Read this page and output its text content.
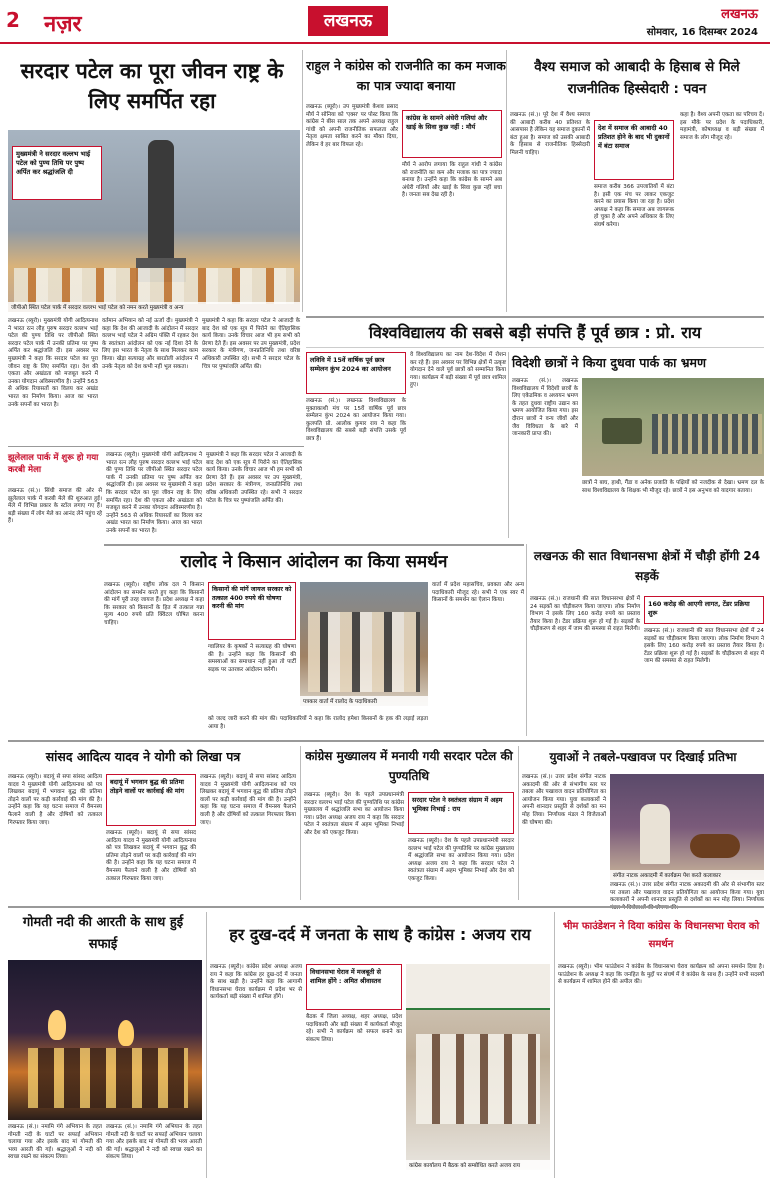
2 नज़र	लखनऊ	लखनऊ
सोमवार, 16 दिसम्बर 2024
सरदार पटेल का पूरा जीवन राष्ट्र के लिए समर्पित रहा
जीपीओ स्थित पटेल पार्क में सरदार वल्लभ भाई पटेल को नमन करते मुख्यमंत्री व अन्य
मुख्यमंत्री ने सरदार वल्लभ भाई पटेल को पुण्य तिथि पर पुष्प अर्पित कर श्रद्धांजलि दी
लखनऊ (ब्यूरो)। मुख्यमंत्री योगी आदित्यनाथ ने भारत रत्न लौह पुरुष सरदार वल्लभ भाई पटेल की पुण्य तिथि पर जीपीओ स्थित सरदार पटेल पार्क में उनकी प्रतिमा पर पुष्प अर्पित कर श्रद्धांजलि दी। इस अवसर पर मुख्यमंत्री ने कहा कि सरदार पटेल का पूरा जीवन राष्ट्र के लिए समर्पित रहा। देश की एकता और अखंडता को मजबूत करने में उनका योगदान अविस्मरणीय है। उन्होंने 563 से अधिक रियासतों का विलय कर अखंड भारत का निर्माण किया। आज का भारत उनके सपनों का भारत है।
वर्तमान अभियान को नई ऊर्जा दी। मुख्यमंत्री ने कहा कि देश की आजादी के आंदोलन में सरदार वल्लभ भाई पटेल ने अग्रिम पंक्ति में रहकर देश के स्वतंत्रता आंदोलन को एक नई दिशा देने के लिए इस भारत के नेतृत्व के साथ मिलकर काम किया। खेड़ा सत्याग्रह और बारडोली आंदोलन में उनके नेतृत्व को देश कभी नहीं भूल सकता।
मुख्यमंत्री ने कहा कि सरदार पटेल ने आजादी के बाद देश को एक सूत्र में पिरोने का ऐतिहासिक कार्य किया। उनके विचार आज भी हम सभी को प्रेरणा देते हैं। इस अवसर पर उप मुख्यमंत्री, प्रदेश सरकार के मंत्रीगण, जनप्रतिनिधि तथा वरिष्ठ अधिकारी उपस्थित रहे। सभी ने सरदार पटेल के चित्र पर पुष्पांजलि अर्पित की।
राहुल ने कांग्रेस को राजनीति का कम मजाक का पात्र ज्यादा बनाया
कांग्रेस के सामने अंधेरी गलियां और खाई के सिवा कुछ नहीं : मौर्य
लखनऊ (ब्यूरो)। उप मुख्यमंत्री केशव प्रसाद मौर्य ने सोनिया को 'एक्स' पर पोस्ट किया कि कांग्रेस ने बीस साल तक अपने अध्यक्ष राहुल गांधी को अपनी राजनीतिक सफलता और नेतृत्व क्षमता साबित करने का मौका दिया, लेकिन वे हर बार विफल रहे।
मौर्य ने आरोप लगाया कि राहुल गांधी ने कांग्रेस को राजनीति का कम और मजाक का पात्र ज्यादा बनाया है। उन्होंने कहा कि कांग्रेस के सामने अब अंधेरी गलियों और खाई के सिवा कुछ नहीं बचा है। जनता सब देख रही है।
वैश्य समाज को आबादी के हिसाब से मिले राजनीतिक हिस्सेदारी : पवन
लखनऊ (सं.)। पूरे देश में वैश्य समाज की आबादी करीब 40 प्रतिशत के आसपास है लेकिन यह समाज दुकानों में बंटा हुआ है। समाज को उसकी आबादी के हिसाब से राजनीतिक हिस्सेदारी मिलनी चाहिए।
देश में समाज की आबादी 40 प्रतिशत होने के बाद भी दुकानों में बंटा समाज
समाज करीब 366 उपजातियों में बंटा है। इसी एक मंच पर लाकर एकजुट करने का प्रयास किया जा रहा है। प्रदेश अध्यक्ष ने कहा कि समाज अब जागरूक हो चुका है और अपने अधिकार के लिए संघर्ष करेगा।
कहा है। वैश्य अपनी एकता का परिचय दें। इस मौके पर प्रदेश के पदाधिकारी, महामंत्री, कोषाध्यक्ष व बड़ी संख्या में समाज के लोग मौजूद रहे।
विश्वविद्यालय की सबसे बड़ी संपत्ति हैं पूर्व छात्र : प्रो. राय
लविवि में 15वें वार्षिक पूर्व छात्र सम्मेलन कुंभ 2024 का आयोजन
लखनऊ (सं.)। लखनऊ विश्वविद्यालय के मुक्ताकाशी मंच पर 15वें वार्षिक पूर्व छात्र सम्मेलन कुंभ 2024 का आयोजन किया गया। कुलपति प्रो. आलोक कुमार राय ने कहा कि विश्वविद्यालय की सबसे बड़ी संपत्ति उसके पूर्व छात्र हैं।
वे विश्वविद्यालय का नाम देश-विदेश में रोशन कर रहे हैं। इस अवसर पर विभिन्न क्षेत्रों में उत्कृष्ट योगदान देने वाले पूर्व छात्रों को सम्मानित किया गया। कार्यक्रम में बड़ी संख्या में पूर्व छात्र शामिल हुए।
विदेशी छात्रों ने किया दुधवा पार्क का भ्रमण
लखनऊ (सं.)। लखनऊ विश्वविद्यालय में विदेशी छात्रों के लिए एकेडमिक व अध्ययन भ्रमण के तहत दुधवा राष्ट्रीय उद्यान का भ्रमण आयोजित किया गया। इस दौरान छात्रों ने वन्य जीवों और जैव विविधता के बारे में जानकारी प्राप्त की।
छात्रों ने बाघ, हाथी, गैंडा व अनेक प्रजाति के पक्षियों को नजदीक से देखा। भ्रमण दल के साथ विश्वविद्यालय के शिक्षक भी मौजूद रहे। छात्रों ने इस अनुभव को यादगार बताया।
झूलेलाल पार्क में शुरू हो गया करबी मेला
लखनऊ (सं.)। सिंधी समाज की ओर से झूलेलाल पार्क में करबी मेले की शुरुआत हुई। मेले में विभिन्न प्रकार के स्टॉल लगाए गए हैं। बड़ी संख्या में लोग मेले का आनंद लेने पहुंच रहे हैं।
लखनऊ (ब्यूरो)। मुख्यमंत्री योगी आदित्यनाथ ने भारत रत्न लौह पुरुष सरदार वल्लभ भाई पटेल की पुण्य तिथि पर जीपीओ स्थित सरदार पटेल पार्क में उनकी प्रतिमा पर पुष्प अर्पित कर श्रद्धांजलि दी। इस अवसर पर मुख्यमंत्री ने कहा कि सरदार पटेल का पूरा जीवन राष्ट्र के लिए समर्पित रहा। देश की एकता और अखंडता को मजबूत करने में उनका योगदान अविस्मरणीय है। उन्होंने 563 से अधिक रियासतों का विलय कर अखंड भारत का निर्माण किया। आज का भारत उनके सपनों का भारत है।
मुख्यमंत्री ने कहा कि सरदार पटेल ने आजादी के बाद देश को एक सूत्र में पिरोने का ऐतिहासिक कार्य किया। उनके विचार आज भी हम सभी को प्रेरणा देते हैं। इस अवसर पर उप मुख्यमंत्री, प्रदेश सरकार के मंत्रीगण, जनप्रतिनिधि तथा वरिष्ठ अधिकारी उपस्थित रहे। सभी ने सरदार पटेल के चित्र पर पुष्पांजलि अर्पित की।
रालोद ने किसान आंदोलन का किया समर्थन
लखनऊ (ब्यूरो)। राष्ट्रीय लोक दल ने किसान आंदोलन का समर्थन करते हुए कहा कि किसानों की मांगें पूरी तरह जायज हैं। प्रदेश अध्यक्ष ने कहा कि सरकार को किसानों के हित में तत्काल गन्ना मूल्य 400 रुपये प्रति क्विंटल घोषित करना चाहिए।
किसानों की मांगें जायज सरकार को तत्काल 400 रुपये की घोषणा करनी की मांग
ग्वालियर के कृषकों ने सत्याग्रह की घोषणा की है। उन्होंने कहा कि किसानों की समस्याओं का समाधान नहीं हुआ तो पार्टी सड़क पर उतरकर आंदोलन करेगी।
पत्रकार वार्ता में रालोद के पदाधिकारी
को जल्द जारी करने की मांग की। पदाधिकारियों ने कहा कि रालोद हमेशा किसानों के हक की लड़ाई लड़ता आया है।
वार्ता में प्रदेश महासचिव, प्रवक्ता और अन्य पदाधिकारी मौजूद रहे। सभी ने एक स्वर में किसानों के समर्थन का ऐलान किया।
लखनऊ की सात विधानसभा क्षेत्रों में चौड़ी होंगी 24 सड़कें
लखनऊ (सं.)। राजधानी की सात विधानसभा क्षेत्रों में 24 सड़कों का चौड़ीकरण किया जाएगा। लोक निर्माण विभाग ने इसके लिए 160 करोड़ रुपये का प्रस्ताव तैयार किया है। टेंडर प्रक्रिया शुरू हो गई है। सड़कों के चौड़ीकरण से शहर में जाम की समस्या से राहत मिलेगी।
160 करोड़ की आएगी लागत, टेंडर प्रक्रिया शुरू
लखनऊ (सं.)। राजधानी की सात विधानसभा क्षेत्रों में 24 सड़कों का चौड़ीकरण किया जाएगा। लोक निर्माण विभाग ने इसके लिए 160 करोड़ रुपये का प्रस्ताव तैयार किया है। टेंडर प्रक्रिया शुरू हो गई है। सड़कों के चौड़ीकरण से शहर में जाम की समस्या से राहत मिलेगी।
सांसद आदित्य यादव ने योगी को लिखा पत्र
लखनऊ (ब्यूरो)। बदायूं से सपा सांसद आदित्य यादव ने मुख्यमंत्री योगी आदित्यनाथ को पत्र लिखकर बदायूं में भगवान बुद्ध की प्रतिमा तोड़ने वालों पर कड़ी कार्रवाई की मांग की है। उन्होंने कहा कि यह घटना समाज में वैमनस्य फैलाने वाली है और दोषियों को तत्काल गिरफ्तार किया जाए।
बदायूं में भगवान बुद्ध की प्रतिमा तोड़ने वालों पर कार्रवाई की मांग
लखनऊ (ब्यूरो)। बदायूं से सपा सांसद आदित्य यादव ने मुख्यमंत्री योगी आदित्यनाथ को पत्र लिखकर बदायूं में भगवान बुद्ध की प्रतिमा तोड़ने वालों पर कड़ी कार्रवाई की मांग की है। उन्होंने कहा कि यह घटना समाज में वैमनस्य फैलाने वाली है और दोषियों को तत्काल गिरफ्तार किया जाए।
लखनऊ (ब्यूरो)। बदायूं से सपा सांसद आदित्य यादव ने मुख्यमंत्री योगी आदित्यनाथ को पत्र लिखकर बदायूं में भगवान बुद्ध की प्रतिमा तोड़ने वालों पर कड़ी कार्रवाई की मांग की है। उन्होंने कहा कि यह घटना समाज में वैमनस्य फैलाने वाली है और दोषियों को तत्काल गिरफ्तार किया जाए।
कांग्रेस मुख्यालय में मनायी गयी सरदार पटेल की पुण्यतिथि
लखनऊ (ब्यूरो)। देश के पहले उपप्रधानमंत्री सरदार वल्लभ भाई पटेल की पुण्यतिथि पर कांग्रेस मुख्यालय में श्रद्धांजलि सभा का आयोजन किया गया। प्रदेश अध्यक्ष अजय राय ने कहा कि सरदार पटेल ने स्वतंत्रता संग्राम में अहम भूमिका निभाई और देश को एकजुट किया।
सरदार पटेल ने स्वतंत्रता संग्राम में अहम भूमिका निभाई : राय
लखनऊ (ब्यूरो)। देश के पहले उपप्रधानमंत्री सरदार वल्लभ भाई पटेल की पुण्यतिथि पर कांग्रेस मुख्यालय में श्रद्धांजलि सभा का आयोजन किया गया। प्रदेश अध्यक्ष अजय राय ने कहा कि सरदार पटेल ने स्वतंत्रता संग्राम में अहम भूमिका निभाई और देश को एकजुट किया।
युवाओं ने तबले-पखावज पर दिखाई प्रतिभा
लखनऊ (सं.)। उत्तर प्रदेश संगीत नाटक अकादमी की ओर से संभागीय स्तर पर तबला और पखावज वादन प्रतियोगिता का आयोजन किया गया। युवा कलाकारों ने अपनी शानदार प्रस्तुति से दर्शकों का मन मोह लिया। निर्णायक मंडल ने विजेताओं की घोषणा की।
संगीत नाटक अकादमी में कार्यक्रम पेश करते कलाकार
लखनऊ (सं.)। उत्तर प्रदेश संगीत नाटक अकादमी की ओर से संभागीय स्तर पर तबला और पखावज वादन प्रतियोगिता का आयोजन किया गया। युवा कलाकारों ने अपनी शानदार प्रस्तुति से दर्शकों का मन मोह लिया। निर्णायक
गोमती नदी की आरती के साथ हुई सफाई
लखनऊ (सं.)। नमामि गंगे अभियान के तहत गोमती नदी के घाटों पर सफाई अभियान चलाया गया और इसके बाद मां गोमती की भव्य आरती की गई। श्रद्धालुओं ने नदी को स्वच्छ रखने का संकल्प लिया।
लखनऊ (सं.)। नमामि गंगे अभियान के तहत गोमती नदी के घाटों पर सफाई अभियान चलाया गया और इसके बाद मां गोमती की भव्य आरती की गई। श्रद्धालुओं ने नदी को स्वच्छ रखने का संकल्प लिया।
हर दुख-दर्द में जनता के साथ है कांग्रेस : अजय राय
लखनऊ (ब्यूरो)। कांग्रेस प्रदेश अध्यक्ष अजय राय ने कहा कि कांग्रेस हर दुख-दर्द में जनता के साथ खड़ी है। उन्होंने कहा कि आगामी विधानसभा घेराव कार्यक्रम में प्रदेश भर से कार्यकर्ता बड़ी संख्या में शामिल होंगे।
विधानसभा घेराव में मजबूती से शामिल होंगे : अमित श्रीवास्तव
बैठक में जिला अध्यक्ष, शहर अध्यक्ष, प्रदेश पदाधिकारी और बड़ी संख्या में कार्यकर्ता मौजूद रहे। सभी ने कार्यक्रम को सफल बनाने का संकल्प लिया।
कांग्रेस कार्यालय में बैठक को सम्बोधित करते अजय राय
भीम फाउंडेशन ने दिया कांग्रेस के विधानसभा घेराव को समर्थन
लखनऊ (ब्यूरो)। भीम फाउंडेशन ने कांग्रेस के विधानसभा घेराव कार्यक्रम को अपना समर्थन दिया है। फाउंडेशन के अध्यक्ष ने कहा कि जनहित के मुद्दों पर संघर्ष में वे कांग्रेस के साथ हैं। उन्होंने सभी सदस्यों से कार्यक्रम में शामिल होने की अपील की।
